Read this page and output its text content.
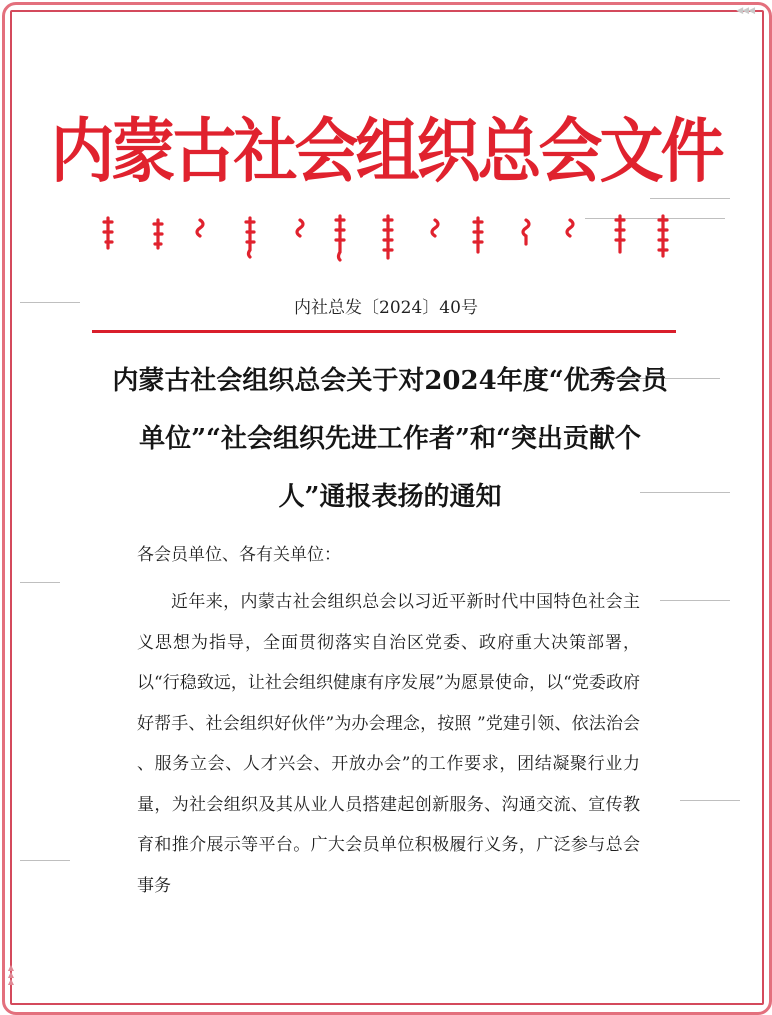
◀◀◀
▲
▲
▲
内蒙古社会组织总会文件
内社总发〔2024〕40号
内蒙古社会组织总会关于对2024年度“优秀会员单位”“社会组织先进工作者”和“突出贡献个人”通报表扬的通知
各会员单位、各有关单位：

近年来，内蒙古社会组织总会以习近平新时代中国特色社会主义思想为指导，全面贯彻落实自治区党委、政府重大决策部署，以“行稳致远，让社会组织健康有序发展”为愿景使命，以“党委政府好帮手、社会组织好伙伴”为办会理念，按照 ”党建引领、依法治会 、服务立会、人才兴会、开放办会”的工作要求，团结凝聚行业力量，为社会组织及其从业人员搭建起创新服务、沟通交流、宣传教育和推介展示等平台。广大会员单位积极履行义务，广泛参与总会事务
